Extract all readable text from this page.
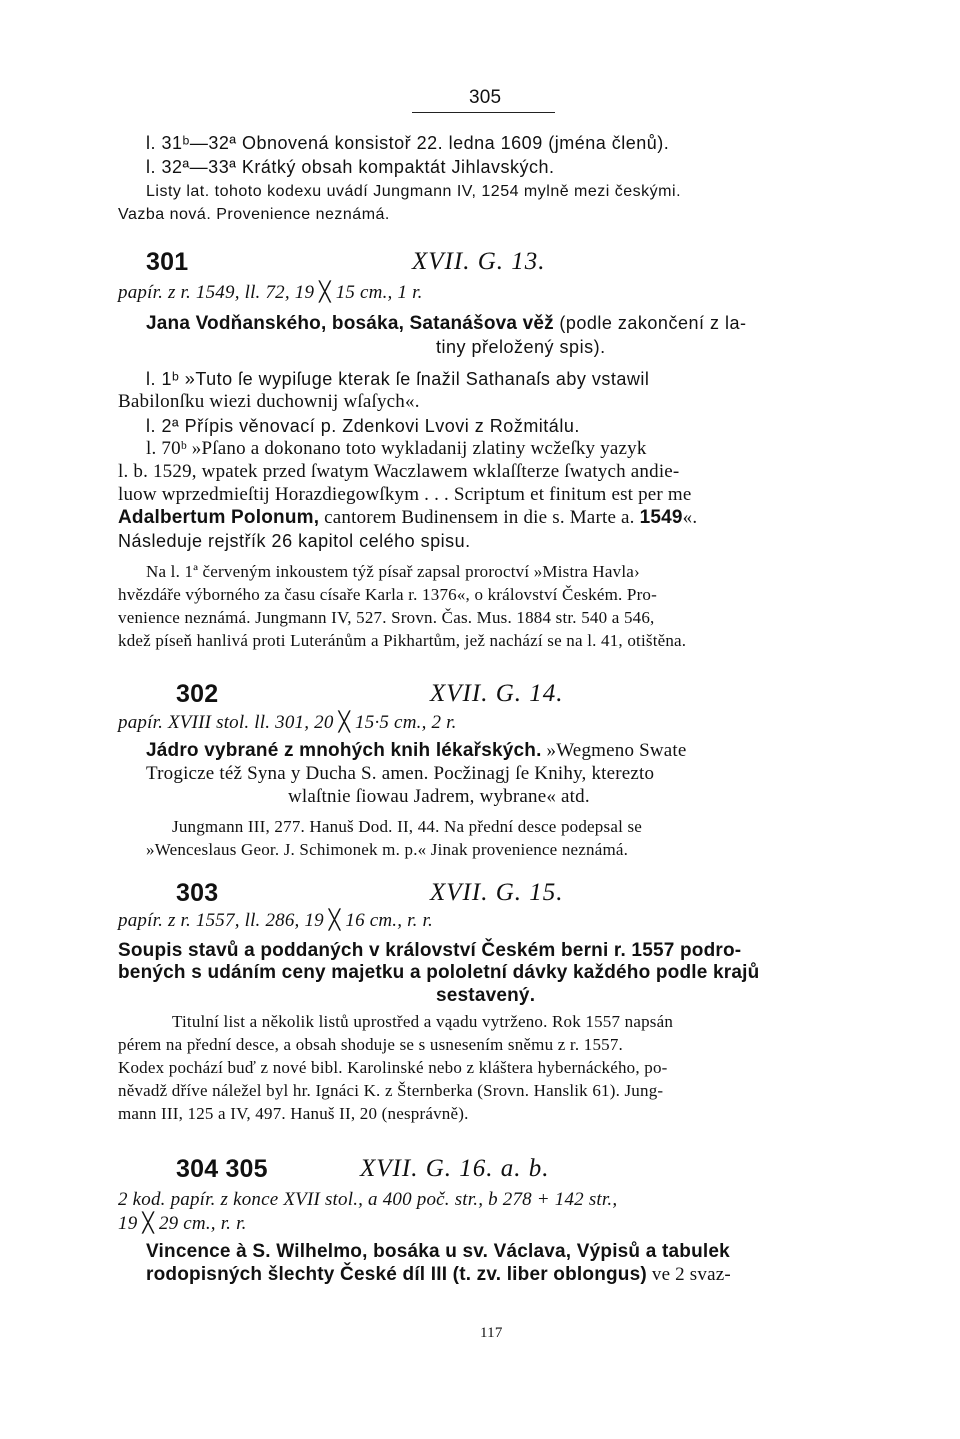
305
l. 31ᵇ—32ª Obnovená konsistoř 22. ledna 1609 (jména členů).
l. 32ª—33ª Krátký obsah kompaktát Jihlavských.
Listy lat. tohoto kodexu uvádí Jungmann IV, 1254 mylně mezi českými.
Vazba nová. Provenience neznámá.
301	XVII. G. 13.
papír. z r. 1549, ll. 72, 19 ╳ 15 cm., 1 r.
Jana Vodňanského, bosáka, Satanášova věž (podle zakončení z la-
tiny přeložený spis).
l. 1ᵇ »Tuto ſe wypiſuge kterak ſe ſnažil Sathanaſs aby vstawil
Babilonſku wiezi duchownij wſaſych«.
l. 2ª Přípis věnovací p. Zdenkovi Lvovi z Rožmitálu.
l. 70ᵇ »Pſano a dokonano toto wykladanij zlatiny wcžeſky yazyk
l. b. 1529, wpatek przed ſwatym Waczlawem wklaſſterze ſwatych andie-
luow wprzedmieſtij Horazdiegowſkym . . . Scriptum et finitum est per me
Adalbertum Polonum, cantorem Budinensem in die s. Marte a. 1549«.
Následuje rejstřík 26 kapitol celého spisu.
Na l. 1ª červeným inkoustem týž písař zapsal proroctví »Mistra Havla›
hvězdáře výborného za času císaře Karla r. 1376«, o království Českém. Pro-
venience neznámá. Jungmann IV, 527. Srovn. Čas. Mus. 1884 str. 540 a 546,
kdež píseň hanlivá proti Luteránům a Pikhartům, jež nachází se na l. 41, otištěna.
302	XVII. G. 14.
papír. XVIII stol. ll. 301, 20 ╳ 15·5 cm., 2 r.
Jádro vybrané z mnohých knih lékařských. »Wegmeno Swate
Trogicze též Syna y Ducha S. amen. Pocžinagj ſe Knihy, kterezto
wlaſtnie ſiowau Jadrem, wybrane« atd.
Jungmann III, 277. Hanuš Dod. II, 44. Na přední desce podepsal se
»Wenceslaus Geor. J. Schimonek m. p.« Jinak provenience neznámá.
303	XVII. G. 15.
papír. z r. 1557, ll. 286, 19 ╳ 16 cm., r. r.
Soupis stavů a poddaných v království Českém berni r. 1557 podro-
bených s udáním ceny majetku a pololetní dávky každého podle krajů
sestavený.
Titulní list a několik listů uprostřed a vąadu vytrženo. Rok 1557 napsán
pérem na přední desce, a obsah shoduje se s usnesením sněmu z r. 1557.
Kodex pochází buď z nové bibl. Karolinské nebo z kláštera hybernáckého, po-
něvadž dříve náležel byl hr. Ignáci K. z Šternberka (Srovn. Hanslik 61). Jung-
mann III, 125 a IV, 497. Hanuš II, 20 (nesprávně).
304 305	XVII. G. 16. a. b.
2 kod. papír. z konce XVII stol., a 400 poč. str., b 278 + 142 str.,
19 ╳ 29 cm., r. r.
Vincence à S. Wilhelmo, bosáka u sv. Václava, Výpisů a tabulek
rodopisných šlechty České díl III (t. zv. liber oblongus) ve 2 svaz-
117
